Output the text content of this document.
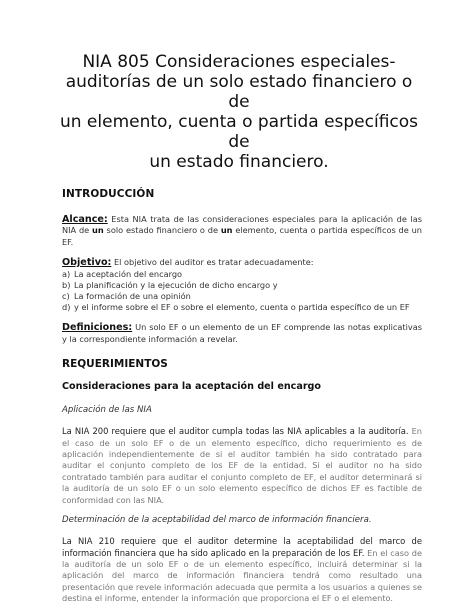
NIA 805 Consideraciones especiales-
auditorías de un solo estado financiero o de
un elemento, cuenta o partida específicos de
un estado financiero.
INTRODUCCIÓN

Alcance: Esta NIA trata de las consideraciones especiales para la aplicación de las NIA de un solo estado financiero o de un elemento, cuenta o partida específicos de un EF.

Objetivo: El objetivo del auditor es tratar adecuadamente:

a) La aceptación del encargo
b) La planificación y la ejecución de dicho encargo y
c) La formación de una opinión
d) y el informe sobre el EF o sobre el elemento, cuenta o partida específico de un EF

Definiciones: Un solo EF o un elemento de un EF comprende las notas explicativas y la correspondiente información a revelar.

REQUERIMIENTOS
Consideraciones para la aceptación del encargo
Aplicación de las NIA

La NIA 200 requiere que el auditor cumpla todas las NIA aplicables a la auditoría. En el caso de un solo EF o de un elemento específico, dicho requerimiento es de aplicación independientemente de si el auditor también ha sido contratado para auditar el conjunto completo de los EF de la entidad. Si el auditor no ha sido contratado también para auditar el conjunto completo de EF, el auditor determinará si la auditoría de un solo EF o un solo elemento específico de dichos EF es factible de conformidad con las NIA.

Determinación de la aceptabilidad del marco de información financiera.

La NIA 210 requiere que el auditor determine la aceptabilidad del marco de información financiera que ha sido aplicado en la preparación de los EF. En el caso de la auditoría de un solo EF o de un elemento específico, incluirá determinar si la aplicación del marco de información financiera tendrá como resultado una presentación que revele información adecuada que permita a los usuarios a quienes se destina el informe, entender la información que proporciona el EF o el elemento.
